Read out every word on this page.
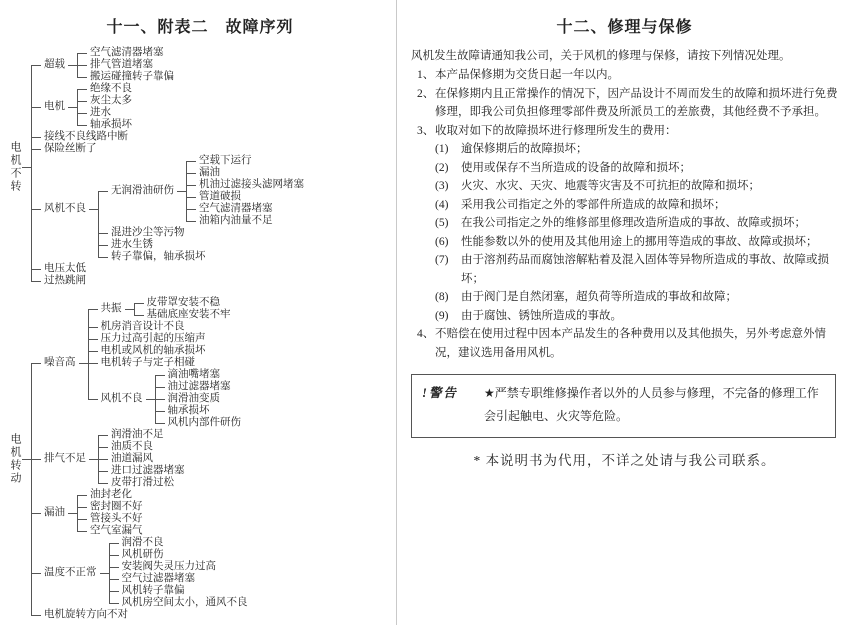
十一、附表二　故障序列
电机不转
超载
空气滤清器堵塞
排气管道堵塞
搬运碰撞转子靠偏
电机
绝缘不良
灰尘太多
进水
轴承损坏
接线不良线路中断
保险丝断了
风机不良
无润滑油研伤
空载下运行
漏油
机油过滤接头滤网堵塞
管道破损
空气滤清器堵塞
油箱内油量不足
混进沙尘等污物
进水生锈
转子靠偏，轴承损坏
电压太低
过热跳闸
电机转动
噪音高
共振
皮带罩安装不稳
基础底座安装不牢
机房消音设计不良
压力过高引起的压缩声
电机或风机的轴承损坏
电机转子与定子相碰
风机不良
滴油嘴堵塞
油过滤器堵塞
润滑油变质
轴承损坏
风机内部件研伤
排气不足
润滑油不足
油质不良
油道漏风
进口过滤器堵塞
皮带打滑过松
漏油
油封老化
密封圈不好
管接头不好
空气室漏气
温度不正常
润滑不良
风机研伤
安装阀失灵压力过高
空气过滤器堵塞
风机转子靠偏
风机房空间太小，通风不良
电机旋转方向不对
十二、修理与保修

风机发生故障请通知我公司，关于风机的修理与保修，请按下列情况处理。

1、 本产品保修期为交货日起一年以内。
2、 在保修期内且正常操作的情况下，因产品设计不周而发生的故障和损坏进行免费修理，即我公司负担修理零部件费及所派员工的差旅费，其他经费不予承担。
3、 收取对如下的故障损坏进行修理所发生的费用：
(1)	逾保修期后的故障损坏；
(2)	使用或保存不当所造成的设备的故障和损坏；
(3)	火灾、水灾、天灾、地震等灾害及不可抗拒的故障和损坏；
(4)	采用我公司指定之外的零部件所造成的故障和损坏；
(5)	在我公司指定之外的维修部里修理改造所造成的事故、故障或损坏；
(6)	性能参数以外的使用及其他用途上的挪用等造成的事故、故障或损坏；
(7)	由于溶剂药品而腐蚀溶解粘着及混入固体等异物所造成的事故、故障或损坏；
(8)	由于阀门是自然闭塞，超负荷等所造成的事故和故障；
(9)	由于腐蚀、锈蚀所造成的事故。
4、 不赔偿在使用过程中因本产品发生的各种费用以及其他损失，另外考虑意外情况，建议选用备用风机。
!警告	★严禁专职维修操作者以外的人员参与修理，不完备的修理工作会引起触电、火灾等危险。
* 本说明书为代用，不详之处请与我公司联系。
